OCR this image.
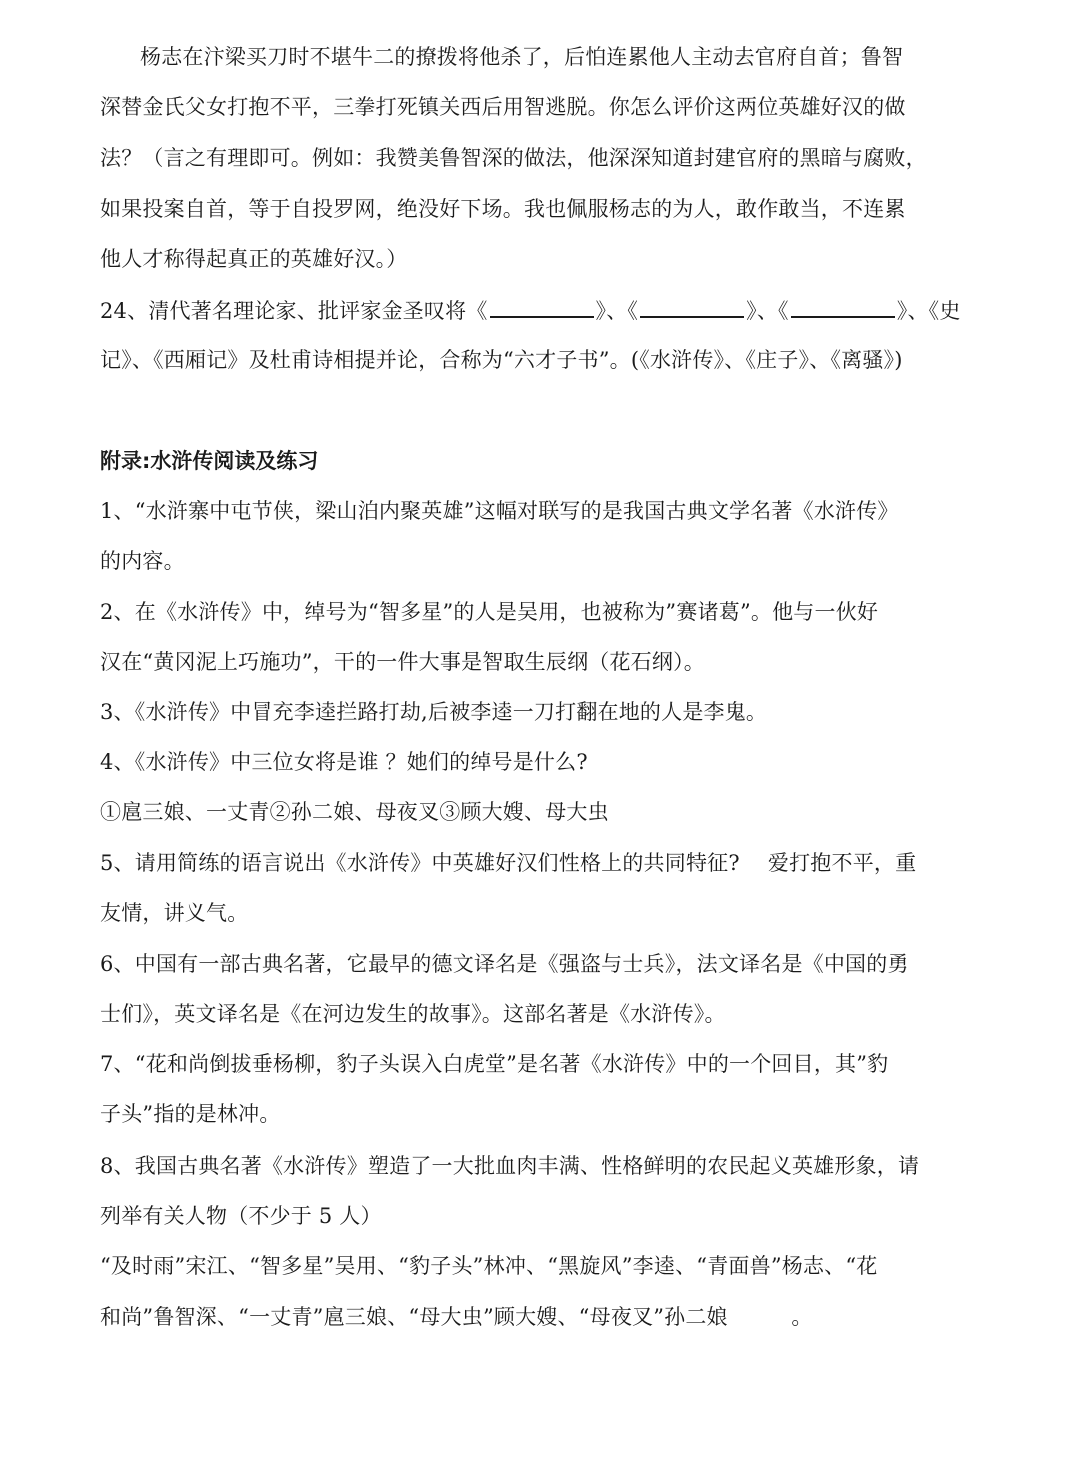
杨志在汴梁买刀时不堪牛二的撩拨将他杀了，后怕连累他人主动去官府自首；鲁智
深替金氏父女打抱不平，三拳打死镇关西后用智逃脱。你怎么评价这两位英雄好汉的做
法？（言之有理即可。例如：我赞美鲁智深的做法，他深深知道封建官府的黑暗与腐败，
如果投案自首，等于自投罗网，绝没好下场。我也佩服杨志的为人，敢作敢当，不连累
他人才称得起真正的英雄好汉。）
24、清代著名理论家、批评家金圣叹将《	》、《	》、《	》、《史
记》、《西厢记》及杜甫诗相提并论，合称为“六才子书”。(《水浒传》、《庄子》、《离骚》)
附录:水浒传阅读及练习
1、“水浒寨中屯节侠，梁山泊内聚英雄”这幅对联写的是我国古典文学名著《水浒传》
的内容。
2、在《水浒传》中，绰号为“智多星”的人是吴用，也被称为”赛诸葛”。他与一伙好
汉在“黄冈泥上巧施功”，干的一件大事是智取生辰纲（花石纲）。
3、《水浒传》中冒充李逵拦路打劫,后被李逵一刀打翻在地的人是李鬼。
4、《水浒传》中三位女将是谁 ？她们的绰号是什么?
①扈三娘、一丈青②孙二娘、母夜叉③顾大嫂、母大虫
5、请用简练的语言说出《水浒传》中英雄好汉们性格上的共同特征?　 爱打抱不平，重
友情，讲义气。
6、中国有一部古典名著，它最早的德文译名是《强盗与士兵》，法文译名是《中国的勇
士们》，英文译名是《在河边发生的故事》。这部名著是《水浒传》。
7、“花和尚倒拔垂杨柳，豹子头误入白虎堂”是名著《水浒传》中的一个回目，其”豹
子头”指的是林冲。
8、我国古典名著《水浒传》塑造了一大批血肉丰满、性格鲜明的农民起义英雄形象，请
列举有关人物（不少于 5 人）
“及时雨”宋江、“智多星”吴用、“豹子头”林冲、“黑旋风”李逵、“青面兽”杨志、“花
和尚”鲁智深、“一丈青”扈三娘、“母大虫”顾大嫂、“母夜叉”孙二娘　　　。
